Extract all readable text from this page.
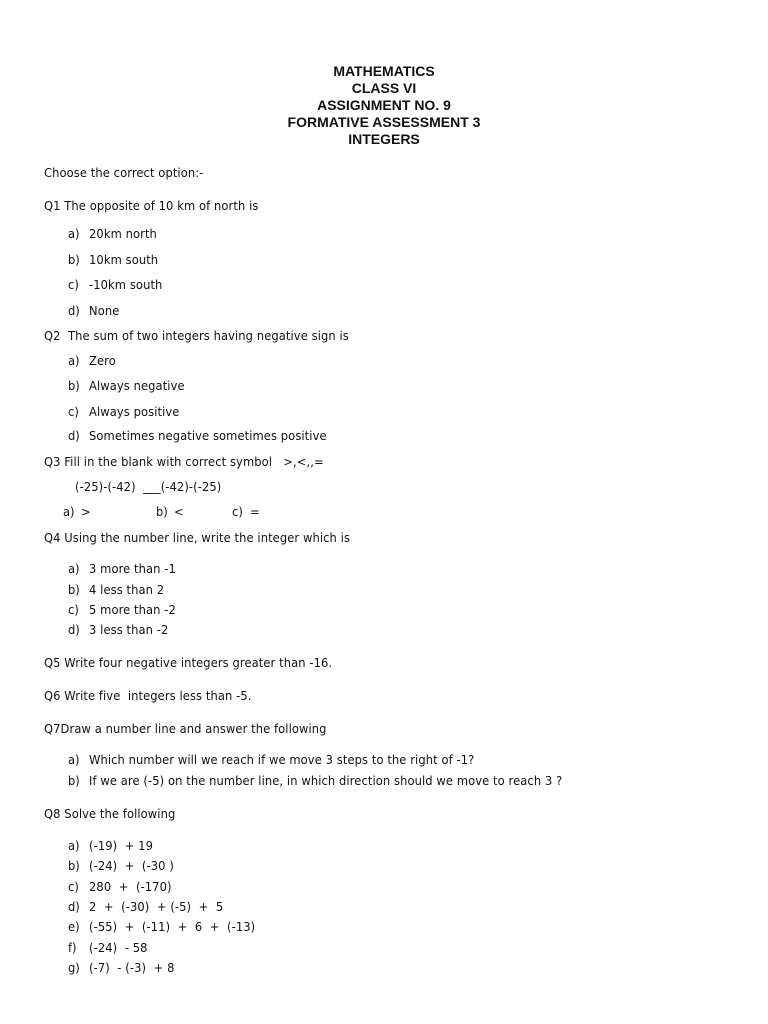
MATHEMATICS
CLASS VI
ASSIGNMENT NO. 9
FORMATIVE ASSESSMENT 3
INTEGERS
Choose the correct option:-
Q1 The opposite of 10 km of north is
a) 20km north
b) 10km south
c) -10km south
d) None
Q2  The sum of two integers having negative sign is
a) Zero
b) Always negative
c) Always positive
d) Sometimes negative sometimes positive
Q3 Fill in the blank with correct symbol   >,<,,=
(-25)-(-42)  ___(-42)-(-25)
a) >	b) <	c) =
Q4 Using the number line, write the integer which is
a) 3 more than -1
b) 4 less than 2
c) 5 more than -2
d) 3 less than -2
Q5 Write four negative integers greater than -16.
Q6 Write five  integers less than -5.
Q7Draw a number line and answer the following
a) Which number will we reach if we move 3 steps to the right of -1?
b) If we are (-5) on the number line, in which direction should we move to reach 3 ?
Q8 Solve the following
a) (-19)  + 19
b) (-24)  +  (-30 )
c) 280  +  (-170)
d) 2  +  (-30)  + (-5)  +  5
e) (-55)  +  (-11)  +  6  +  (-13)
f) (-24)  - 58
g) (-7)  - (-3)  + 8
